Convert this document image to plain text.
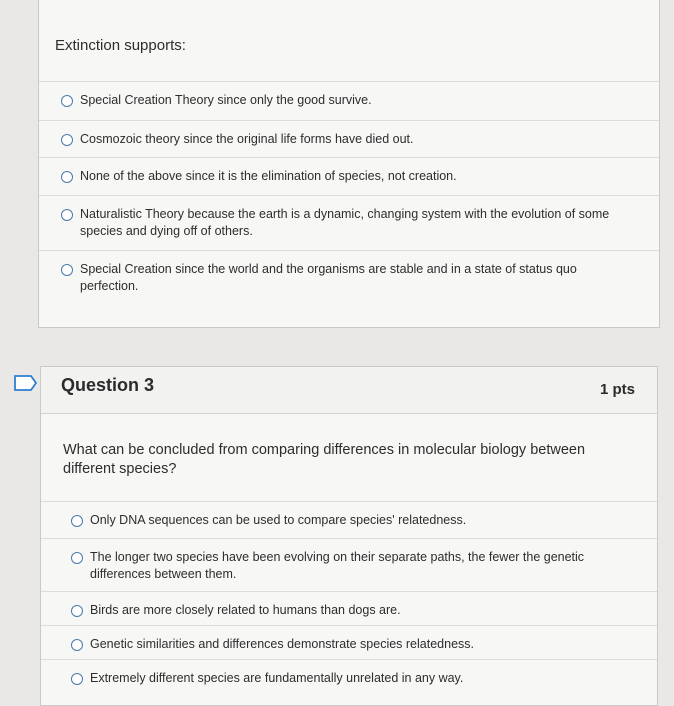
Extinction supports:
Special Creation Theory since only the good survive.
Cosmozoic theory since the original life forms have died out.
None of the above since it is the elimination of species, not creation.
Naturalistic Theory because the earth is a dynamic, changing system with the evolution of some species and dying off of others.
Special Creation since the world and the organisms are stable and in a state of status quo perfection.
Question 3	1 pts
What can be concluded from comparing differences in molecular biology between different species?
Only DNA sequences can be used to compare species' relatedness.
The longer two species have been evolving on their separate paths, the fewer the genetic differences between them.
Birds are more closely related to humans than dogs are.
Genetic similarities and differences demonstrate species relatedness.
Extremely different species are fundamentally unrelated in any way.
